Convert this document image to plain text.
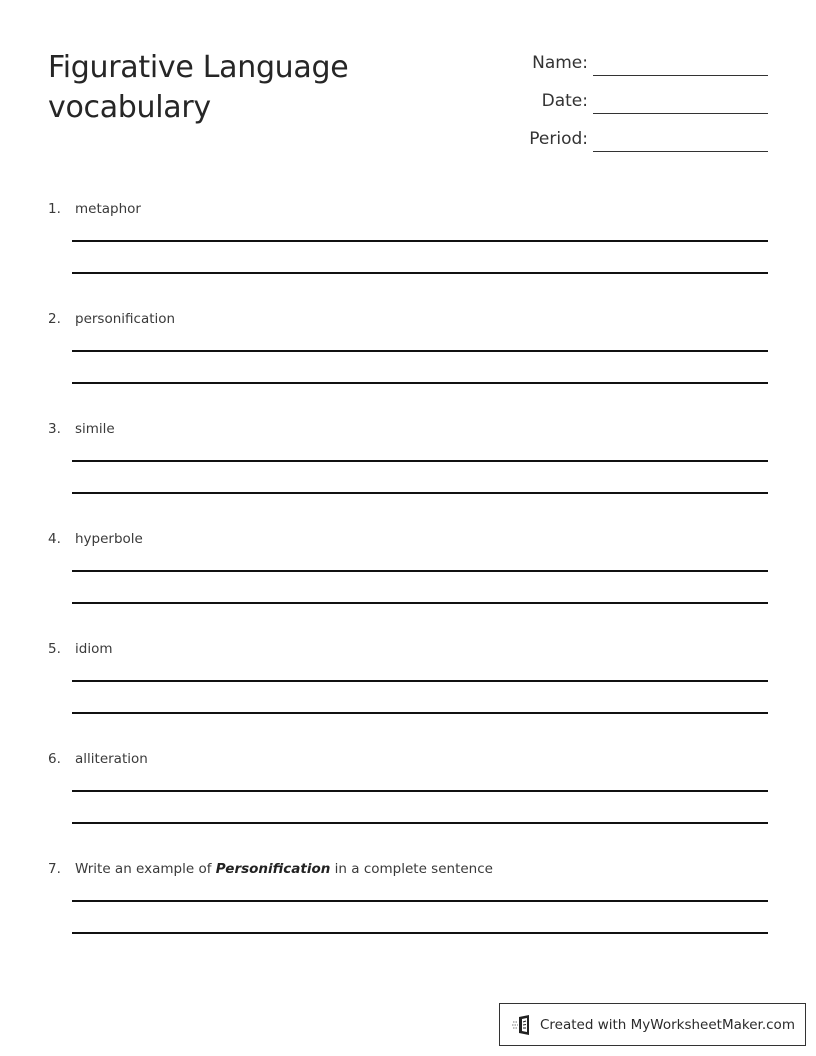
Figurative Language
vocabulary
Name:
Date:
Period:
1. metaphor
2. personification
3. simile
4. hyperbole
5. idiom
6. alliteration
7. Write an example of Personification in a complete sentence
Created with MyWorksheetMaker.com
